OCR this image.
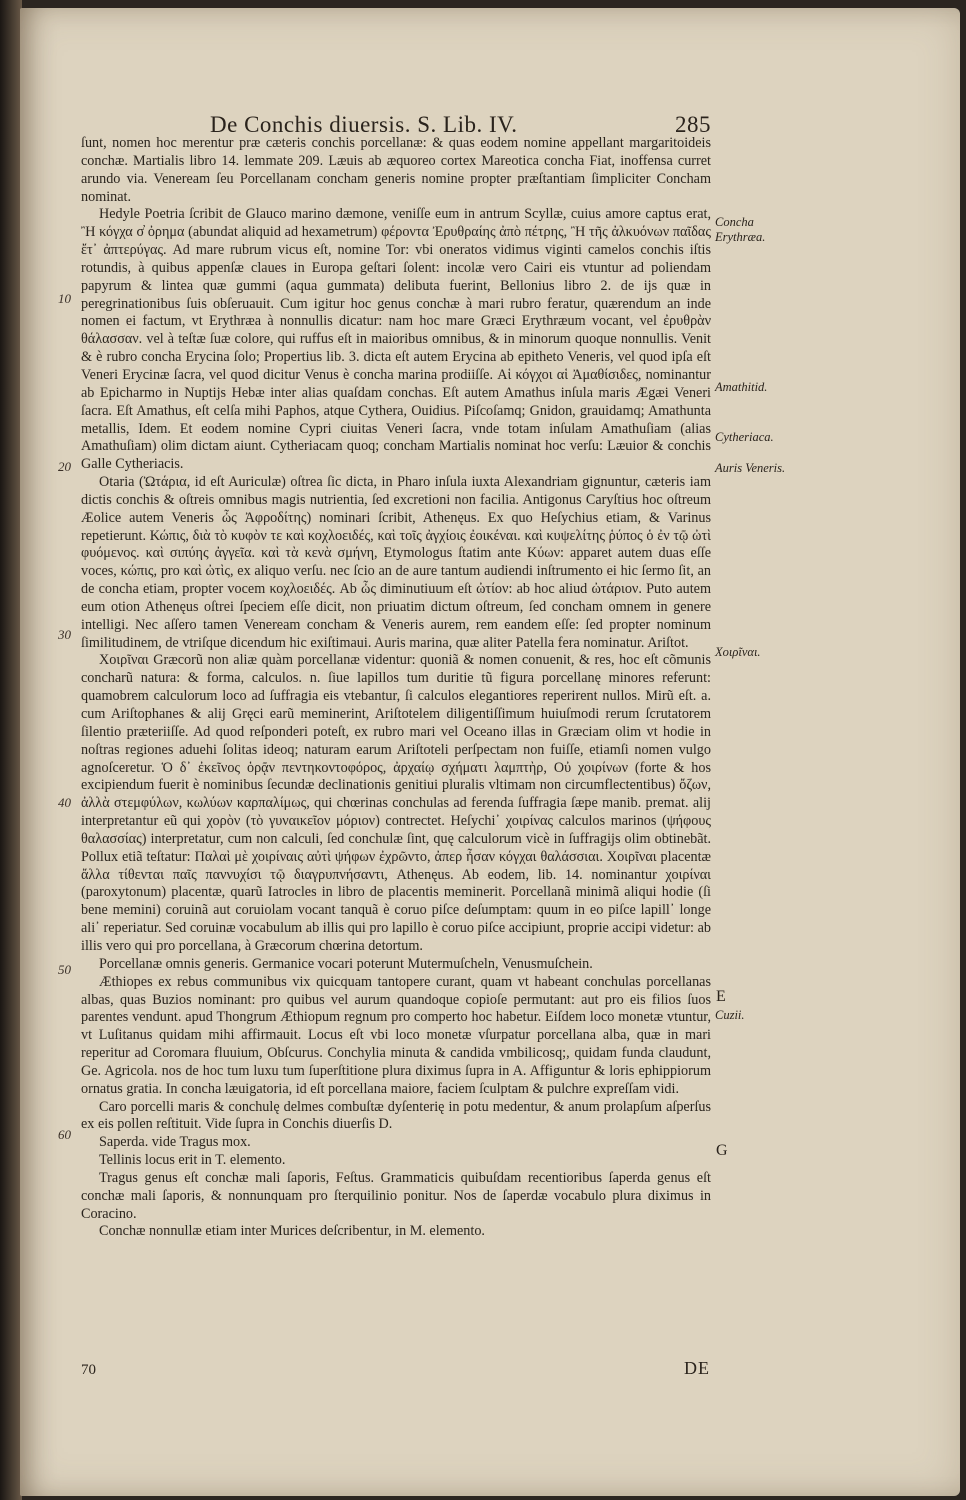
De Conchis diuersis. S. Lib. IV.	285

ſunt, nomen hoc merentur præ cæteris conchis porcellanæ: & quas eodem nomine appellant margaritoideis conchæ. Martialis libro 14. lemmate 209. Læuis ab æquoreo cortex Mareotica concha Fiat, inoffensa curret arundo via. Veneream ſeu Porcellanam concham generis nomine propter præſtantiam ſimpliciter Concham nominat.

Hedyle Poetria ſcribit de Glauco marino dæmone, veniſſe eum in antrum Scyllæ, cuius amore captus erat, Ἢ κόγχα σ̓ ὀρημα (abundat aliquid ad hexametrum) φέροντα Ἐρυθραίης ἀπὸ πέτρης, Ἢ τῆς ἀλκυόνων παῖδας ἔτ᾽ ἀπτερύγας. Ad mare rubrum vicus eſt, nomine Tor: vbi oneratos vidimus viginti camelos conchis iſtis rotundis, à quibus appenſæ claues in Europa geſtari ſolent: incolæ vero Cairi eis vtuntur ad poliendam papyrum & lintea quæ gummi (aqua gummata) delibuta fuerint, Bellonius libro 2. de ijs quæ in peregrinationibus ſuis obſeruauit. Cum igitur hoc genus conchæ à mari rubro feratur, quærendum an inde nomen ei factum, vt Erythræa à nonnullis dicatur: nam hoc mare Græci Erythræum vocant, vel ἐρυθρὰν θάλασσαν. vel à teſtæ ſuæ colore, qui ruffus eſt in maioribus omnibus, & in minorum quoque nonnullis. Venit & è rubro concha Erycina ſolo; Propertius lib. 3. dicta eſt autem Erycina ab epitheto Veneris, vel quod ipſa eſt Veneri Erycinæ ſacra, vel quod dicitur Venus è concha marina prodiiſſe. Αἱ κόγχοι αἱ Ἀμαθίσιδες, nominantur ab Epicharmo in Nuptijs Hebæ inter alias quaſdam conchas. Eſt autem Amathus inſula maris Ægæi Veneri ſacra. Eſt Amathus, eſt celſa mihi Paphos, atque Cythera, Ouidius. Piſcoſamq; Gnidon, grauidamq; Amathunta metallis, Idem. Et eodem nomine Cypri ciuitas Veneri ſacra, vnde totam inſulam Amathuſiam (alias Amathuſiam) olim dictam aiunt. Cytheriacam quoq; concham Martialis nominat hoc verſu: Læuior & conchis Galle Cytheriacis.

Otaria (Ὠτάρια, id eſt Auriculæ) oſtrea ſic dicta, in Pharo inſula iuxta Alexandriam gignuntur, cæteris iam dictis conchis & oſtreis omnibus magis nutrientia, ſed excretioni non facilia. Antigonus Caryſtius hoc oſtreum Æolice autem Veneris ὦς Ἀφροδίτης) nominari ſcribit, Athenęus. Ex quo Heſychius etiam, & Varinus repetierunt. Κώπις, διὰ τὸ κυφὸν τε καὶ κοχλοειδές, καὶ τοῖς ἀγχίοις ἐοικέναι. καὶ κυψελίτης ῥύπος ὁ ἐν τῷ ὠτὶ φυόμενος. καὶ σιπύης ἀγγεῖα. καὶ τὰ κενὰ σμήνη, Etymologus ſtatim ante Κύων: apparet autem duas eſſe voces, κώπις, pro καὶ ὠτὶς, ex aliquo verſu. nec ſcio an de aure tantum audiendi inſtrumento ei hic ſermo ſit, an de concha etiam, propter vocem κοχλοειδές. Ab ὦς diminutiuum eſt ὠτίον: ab hoc aliud ὠτάριον. Puto autem eum otion Athenęus oſtrei ſpeciem eſſe dicit, non priuatim dictum oſtreum, ſed concham omnem in genere intelligi. Nec aſſero tamen Veneream concham & Veneris aurem, rem eandem eſſe: ſed propter nominum ſimilitudinem, de vtriſque dicendum hic exiſtimaui. Auris marina, quæ aliter Patella fera nominatur. Ariſtot.

Χοιρῖναι Græcorũ non aliæ quàm porcellanæ videntur: quoniã & nomen conuenit, & res, hoc eſt cõmunis concharũ natura: & forma, calculos. n. ſiue lapillos tum duritie tũ figura porcellanę minores referunt: quamobrem calculorum loco ad ſuffragia eis vtebantur, ſi calculos elegantiores reperirent nullos. Mirũ eſt. a. cum Ariſtophanes & alij Gręci earũ meminerint, Ariſtotelem diligentiſſimum huiuſmodi rerum ſcrutatorem ſilentio præteriiſſe. Ad quod reſponderi poteſt, ex rubro mari vel Oceano illas in Græciam olim vt hodie in noſtras regiones aduehi ſolitas ideoq; naturam earum Ariſtoteli perſpectam non fuiſſe, etiamſi nomen vulgo agnoſceretur. Ὁ δ᾽ ἐκεῖνος ὁρᾷν πεντηκοντοφόρος, ἀρχαίῳ σχήματι λαμπτὴρ, Οὐ χοιρίνων (forte & hos excipiendum fuerit è nominibus ſecundæ declinationis genitiui pluralis vltimam non circumflectentibus) ὄζων, ἀλλὰ στεμφύλων, κωλύων καρπαλίμως, qui chœrinas conchulas ad ferenda ſuffragia ſæpe manib. premat. alij interpretantur eũ qui χορὸν (τὸ γυναικεῖον μόριον) contrectet. Heſychi᾽ χοιρίνας calculos marinos (ψήφους θαλασσίας) interpretatur, cum non calculi, ſed conchulæ ſint, quę calculorum vicè in ſuffragijs olim obtinebãt. Pollux etiã teſtatur: Παλαὶ μὲ χοιρίναις αὐτὶ ψήφων ἐχρῶντο, ἀπερ ἦσαν κόγχαι θαλάσσιαι. Χοιρῖναι placentæ ἄλλα τίθενται παῖς παννυχίσι τῷ διαγρυπνήσαντι, Athenęus. Ab eodem, lib. 14. nominantur χοιρίναι (paroxytonum) placentæ, quarũ Iatrocles in libro de placentis meminerit. Porcellanã minimã aliqui hodie (ſi bene memini) coruinã aut coruiolam vocant tanquã è coruo piſce deſumptam: quum in eo piſce lapill᾽ longe ali᾽ reperiatur. Sed coruinæ vocabulum ab illis qui pro lapillo è coruo piſce accipiunt, proprie accipi videtur: ab illis vero qui pro porcellana, à Græcorum chœrina detortum.

Porcellanæ omnis generis. Germanice vocari poterunt Mutermuſcheln, Venusmuſchein.

Æthiopes ex rebus communibus vix quicquam tantopere curant, quam vt habeant conchulas porcellanas albas, quas Buzios nominant: pro quibus vel aurum quandoque copioſe permutant: aut pro eis filios ſuos parentes vendunt. apud Thongrum Æthiopum regnum pro comperto hoc habetur. Eiſdem loco monetæ vtuntur, vt Luſitanus quidam mihi affirmauit. Locus eſt vbi loco monetæ vſurpatur porcellana alba, quæ in mari reperitur ad Coromara fluuium, Obſcurus. Conchylia minuta & candida vmbilicosq;, quidam funda claudunt, Ge. Agricola. nos de hoc tum luxu tum ſuperſtitione plura diximus ſupra in A. Affiguntur & loris ephippiorum ornatus gratia. In concha læuigatoria, id eſt porcellana maiore, faciem ſculptam & pulchre expreſſam vidi.

Caro porcelli maris & conchulę delmes combuſtæ dyſenterię in potu medentur, & anum prolapſum aſperſus ex eis pollen reſtituit. Vide ſupra in Conchis diuerſis D.

Saperda. vide Tragus mox.

Tellinis locus erit in T. elemento.

Tragus genus eſt conchæ mali ſaporis, Feſtus. Grammaticis quibuſdam recentioribus ſaperda genus eſt conchæ mali ſaporis, & nonnunquam pro ſterquilinio ponitur. Nos de ſaperdæ vocabulo plura diximus in Coracino.

Conchæ nonnullæ etiam inter Murices deſcribentur, in M. elemento.

10
20
30
40
50
60
Concha Erythræa.
Amathitid.
Cytheriaca.
Auris Veneris.
Χοιρῖναι.
E
Cuzii.
G
70	DE
